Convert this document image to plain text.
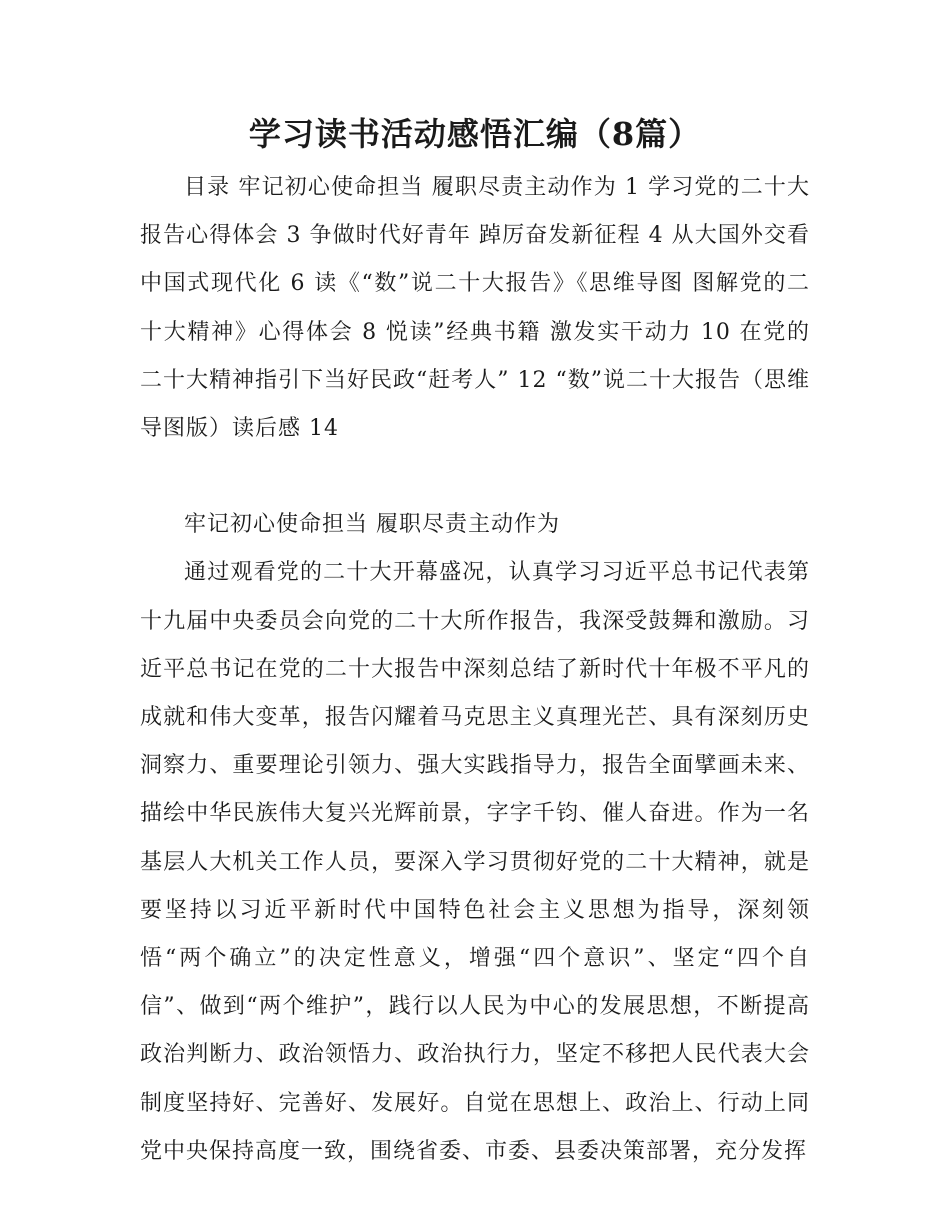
学习读书活动感悟汇编（8篇）

目录 牢记初心使命担当 履职尽责主动作为 1 学习党的二十大报告心得体会 3 争做时代好青年 踔厉奋发新征程 4 从大国外交看中国式现代化 6 读《“数”说二十大报告》《思维导图 图解党的二十大精神》心得体会 8 悦读”经典书籍 激发实干动力 10 在党的二十大精神指引下当好民政“赶考人” 12 “数”说二十大报告（思维导图版）读后感 14

牢记初心使命担当 履职尽责主动作为

通过观看党的二十大开幕盛况，认真学习习近平总书记代表第十九届中央委员会向党的二十大所作报告，我深受鼓舞和激励。习近平总书记在党的二十大报告中深刻总结了新时代十年极不平凡的成就和伟大变革，报告闪耀着马克思主义真理光芒、具有深刻历史洞察力、重要理论引领力、强大实践指导力，报告全面擘画未来、描绘中华民族伟大复兴光辉前景，字字千钧、催人奋进。作为一名基层人大机关工作人员，要深入学习贯彻好党的二十大精神，就是要坚持以习近平新时代中国特色社会主义思想为指导，深刻领悟“两个确立”的决定性意义，增强“四个意识”、坚定“四个自信”、做到“两个维护”，践行以人民为中心的发展思想，不断提高政治判断力、政治领悟力、政治执行力，坚定不移把人民代表大会制度坚持好、完善好、发展好。自觉在思想上、政治上、行动上同党中央保持高度一致，围绕省委、市委、县委决策部署，充分发挥
